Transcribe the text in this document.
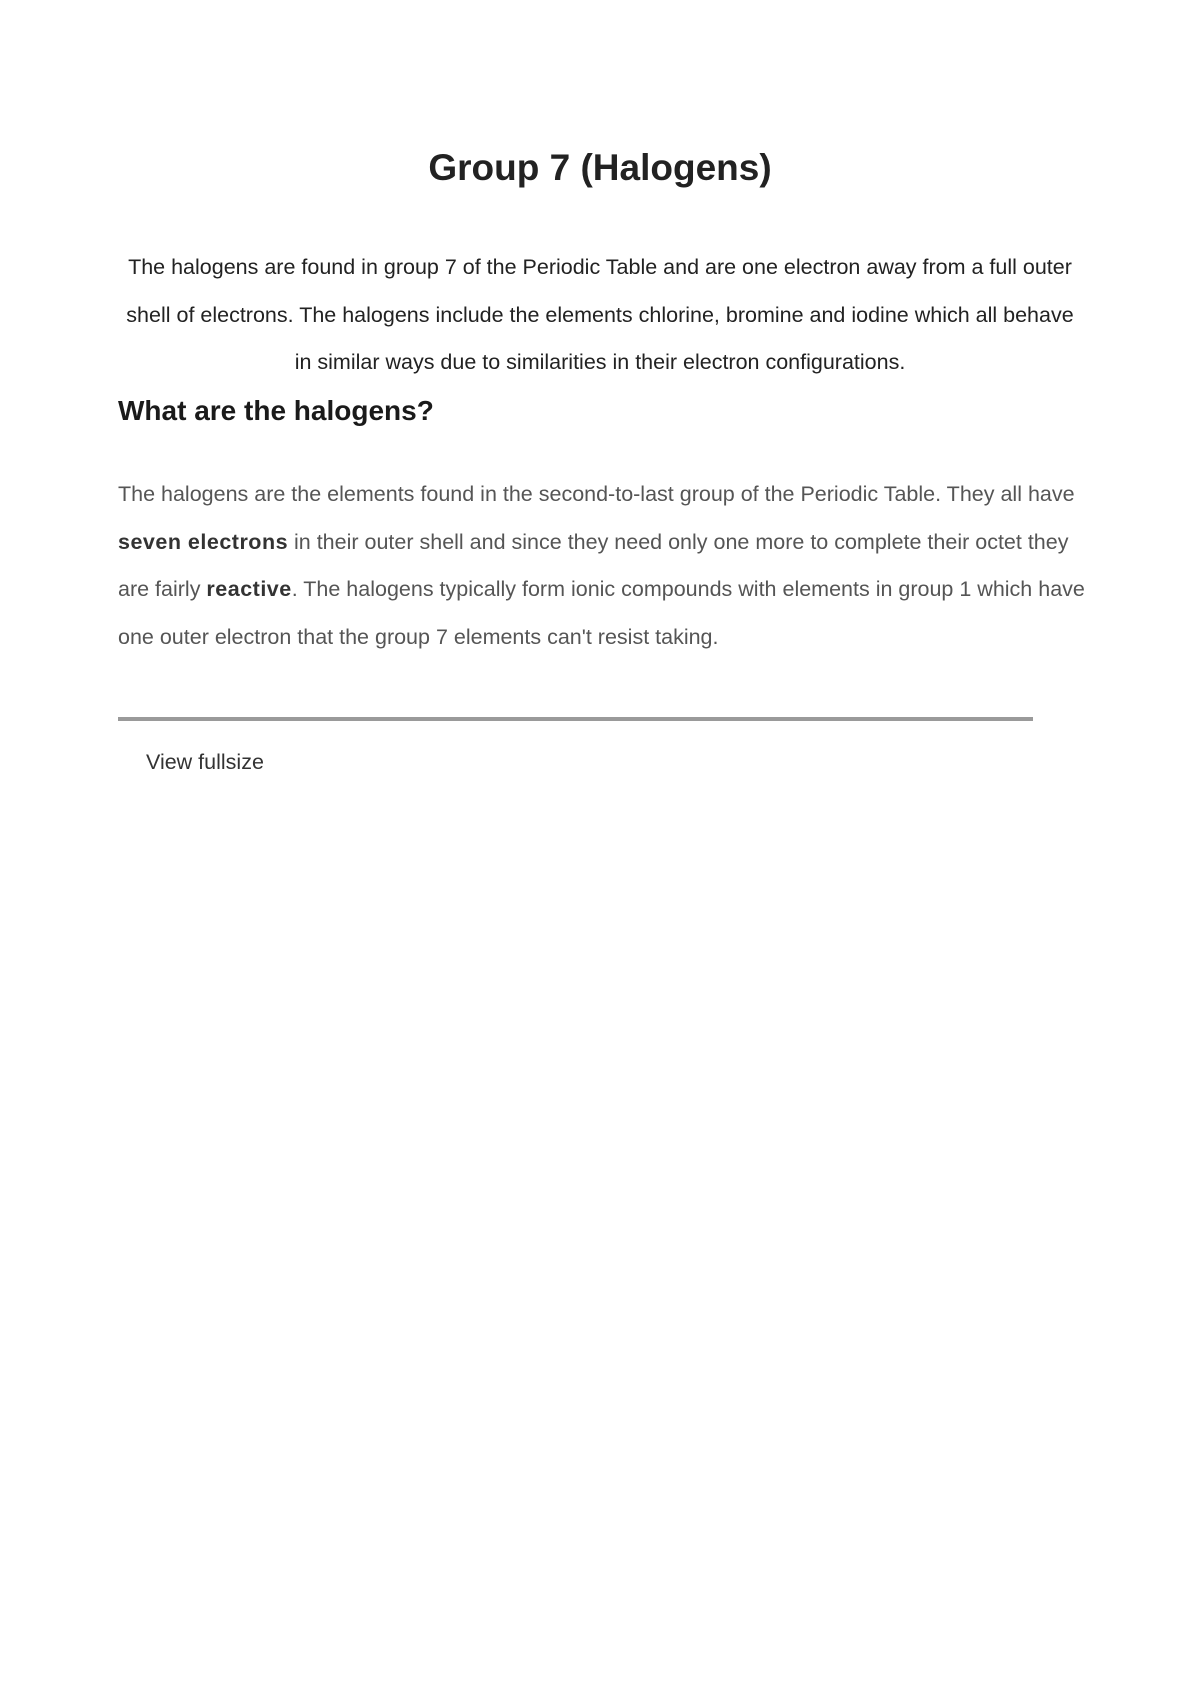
Group 7 (Halogens)

The halogens are found in group 7 of the Periodic Table and are one electron away from a full outer shell of electrons. The halogens include the elements chlorine, bromine and iodine which all behave in similar ways due to similarities in their electron configurations.

What are the halogens?

The halogens are the elements found in the second-to-last group of the Periodic Table. They all have seven electrons in their outer shell and since they need only one more to complete their octet they are fairly reactive. The halogens typically form ionic compounds with elements in group 1 which have one outer electron that the group 7 elements can't resist taking.

View fullsize
